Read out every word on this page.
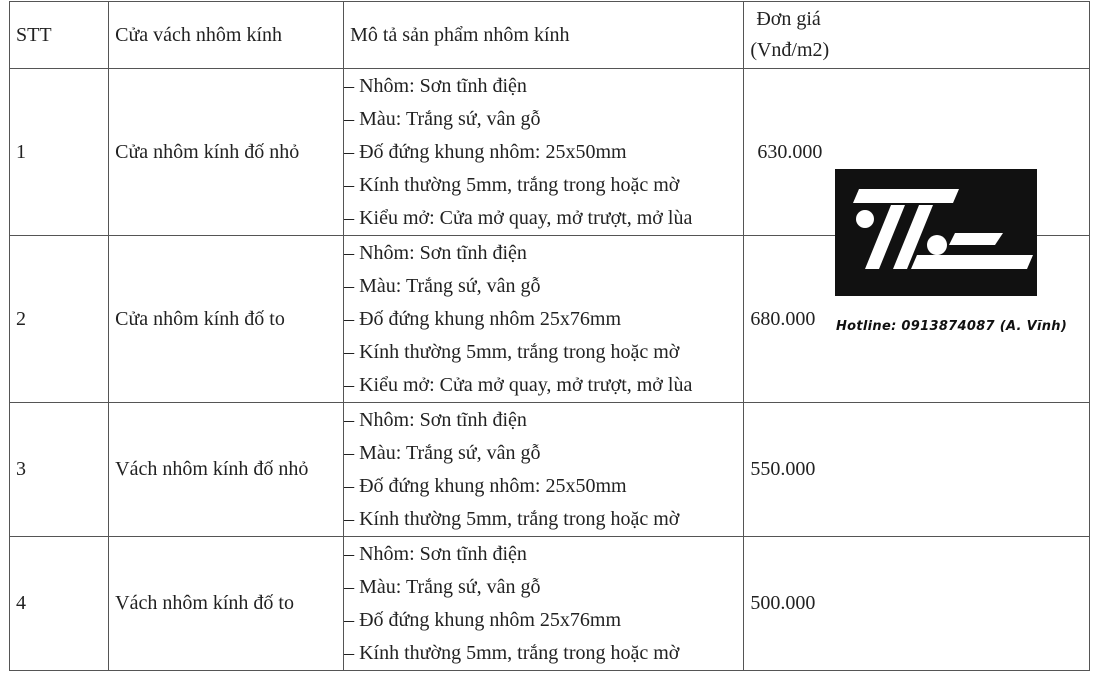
STT	Cửa vách nhôm kính	Mô tả sản phẩm nhôm kính	Đơn giá
(Vnđ/m2)

1	Cửa nhôm kính đố nhỏ	– Nhôm: Sơn tĩnh điện
– Màu: Trắng sứ, vân gỗ
– Đố đứng khung nhôm: 25x50mm
– Kính thường 5mm, trắng trong hoặc mờ
– Kiểu mở: Cửa mở quay, mở trượt, mở lùa	630.000
2	Cửa nhôm kính đố to	– Nhôm: Sơn tĩnh điện
– Màu: Trắng sứ, vân gỗ
– Đố đứng khung nhôm 25x76mm
– Kính thường 5mm, trắng trong hoặc mờ
– Kiểu mở: Cửa mở quay, mở trượt, mở lùa	680.000
3	Vách nhôm kính đố nhỏ	– Nhôm: Sơn tĩnh điện
– Màu: Trắng sứ, vân gỗ
– Đố đứng khung nhôm: 25x50mm
– Kính thường 5mm, trắng trong hoặc mờ	550.000
4	Vách nhôm kính đố to	– Nhôm: Sơn tĩnh điện
– Màu: Trắng sứ, vân gỗ
– Đố đứng khung nhôm 25x76mm
– Kính thường 5mm, trắng trong hoặc mờ	500.000
Hotline: 0913874087 (A. Vĩnh)
